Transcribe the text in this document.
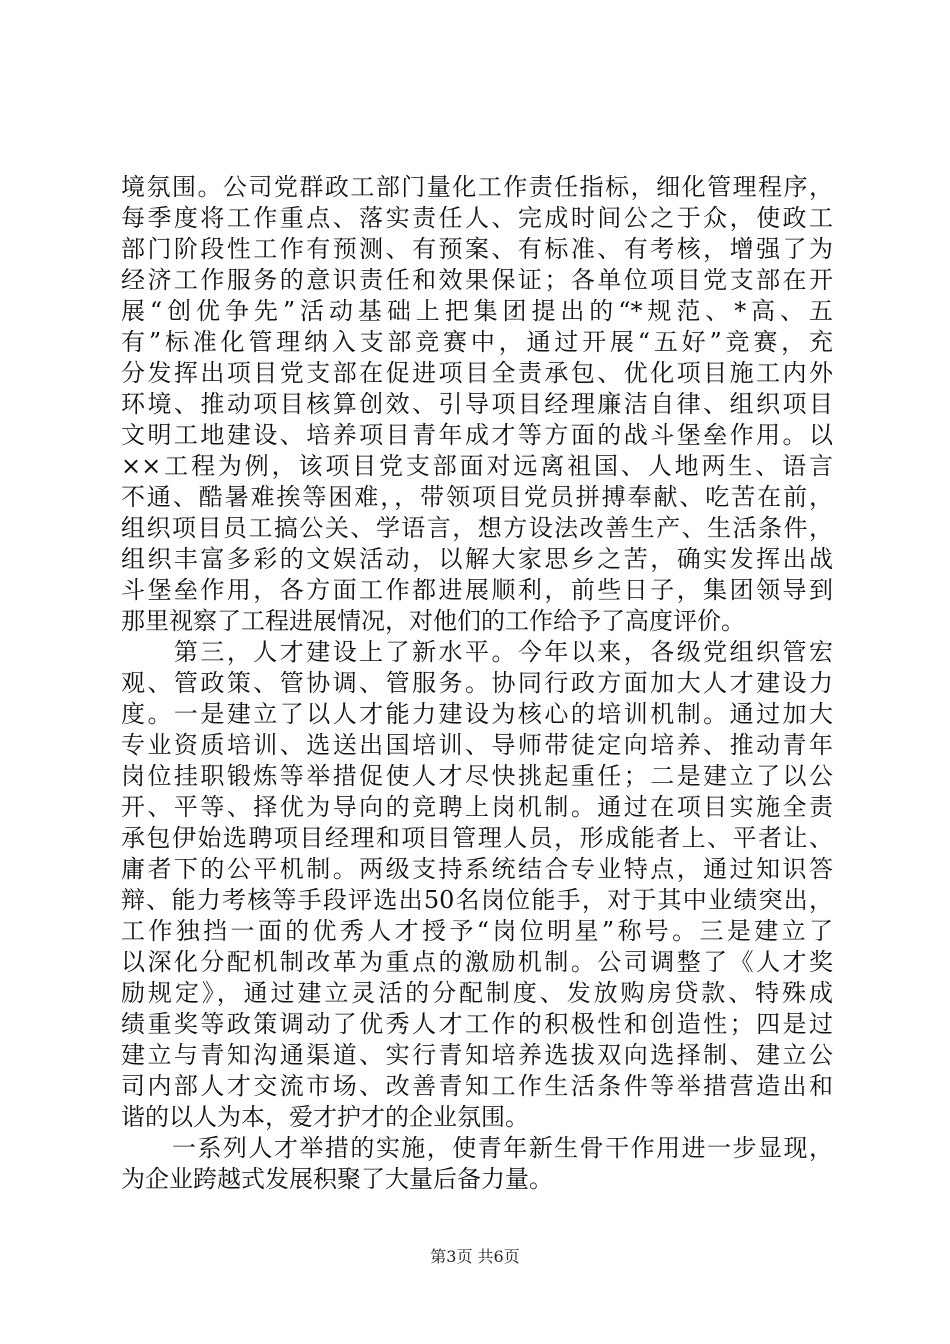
境氛围。公司党群政工部门量化工作责任指标，细化管理程序，
每季度将工作重点、落实责任人、完成时间公之于众，使政工
部门阶段性工作有预测、有预案、有标准、有考核，增强了为
经济工作服务的意识责任和效果保证；各单位项目党支部在开
展“创优争先”活动基础上把集团提出的“*规范、*高、五
有”标准化管理纳入支部竞赛中，通过开展“五好”竞赛，充
分发挥出项目党支部在促进项目全责承包、优化项目施工内外
环境、推动项目核算创效、引导项目经理廉洁自律、组织项目
文明工地建设、培养项目青年成才等方面的战斗堡垒作用。以
××工程为例，该项目党支部面对远离祖国、人地两生、语言
不通、酷暑难挨等困难，，带领项目党员拼搏奉献、吃苦在前，
组织项目员工搞公关、学语言，想方设法改善生产、生活条件，
组织丰富多彩的文娱活动，以解大家思乡之苦，确实发挥出战
斗堡垒作用，各方面工作都进展顺利，前些日子，集团领导到
那里视察了工程进展情况，对他们的工作给予了高度评价。
　　第三，人才建设上了新水平。今年以来，各级党组织管宏
观、管政策、管协调、管服务。协同行政方面加大人才建设力
度。一是建立了以人才能力建设为核心的培训机制。通过加大
专业资质培训、选送出国培训、导师带徒定向培养、推动青年
岗位挂职锻炼等举措促使人才尽快挑起重任；二是建立了以公
开、平等、择优为导向的竞聘上岗机制。通过在项目实施全责
承包伊始选聘项目经理和项目管理人员，形成能者上、平者让、
庸者下的公平机制。两级支持系统结合专业特点，通过知识答
辩、能力考核等手段评选出50名岗位能手，对于其中业绩突出，
工作独挡一面的优秀人才授予“岗位明星”称号。三是建立了
以深化分配机制改革为重点的激励机制。公司调整了《人才奖
励规定》，通过建立灵活的分配制度、发放购房贷款、特殊成
绩重奖等政策调动了优秀人才工作的积极性和创造性；四是过
建立与青知沟通渠道、实行青知培养选拔双向选择制、建立公
司内部人才交流市场、改善青知工作生活条件等举措营造出和
谐的以人为本，爱才护才的企业氛围。
　　一系列人才举措的实施，使青年新生骨干作用进一步显现，
为企业跨越式发展积聚了大量后备力量。
第3页 共6页
